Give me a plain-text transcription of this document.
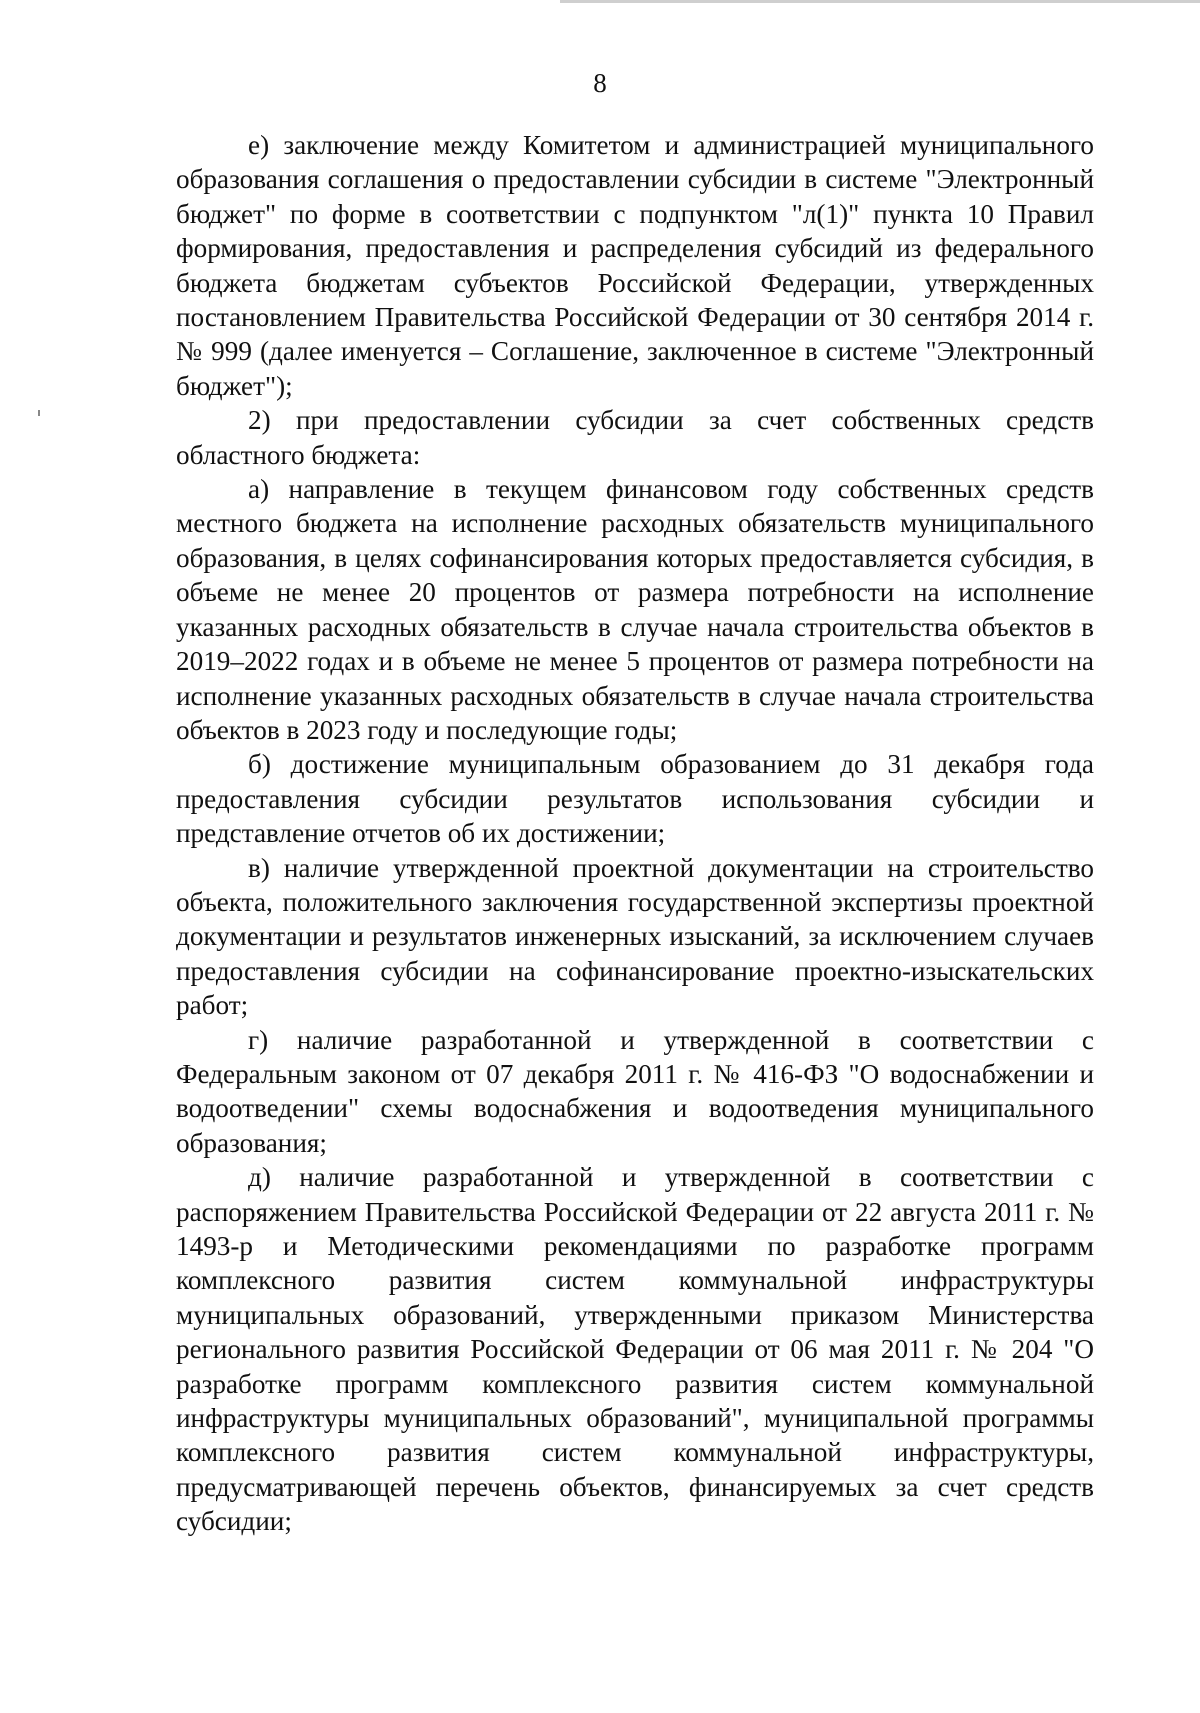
8

е) заключение между Комитетом и администрацией муниципального образования соглашения о предоставлении субсидии в системе "Электронный бюджет" по форме в соответствии с подпунктом "л(1)" пункта 10 Правил формирования, предоставления и распределения субсидий из федерального бюджета бюджетам субъектов Российской Федерации, утвержденных постановлением Правительства Российской Федерации от 30 сентября 2014 г. № 999 (далее именуется – Соглашение, заключенное в системе "Электронный бюджет");

2) при предоставлении субсидии за счет собственных средств областного бюджета:

а) направление в текущем финансовом году собственных средств местного бюджета на исполнение расходных обязательств муниципального образования, в целях софинансирования которых предоставляется субсидия, в объеме не менее 20 процентов от размера потребности на исполнение указанных расходных обязательств в случае начала строительства объектов в 2019–2022 годах и в объеме не менее 5 процентов от размера потребности на исполнение указанных расходных обязательств в случае начала строительства объектов в 2023 году и последующие годы;

б) достижение муниципальным образованием до 31 декабря года предоставления субсидии результатов использования субсидии и представление отчетов об их достижении;

в) наличие утвержденной проектной документации на строительство объекта, положительного заключения государственной экспертизы проектной документации и результатов инженерных изысканий, за исключением случаев предоставления субсидии на софинансирование проектно-изыскательских работ;

г) наличие разработанной и утвержденной в соответствии с Федеральным законом от 07 декабря 2011 г. № 416-ФЗ "О водоснабжении и водоотведении" схемы водоснабжения и водоотведения муниципального образования;

д) наличие разработанной и утвержденной в соответствии с распоряжением Правительства Российской Федерации от 22 августа 2011 г. № 1493-р и Методическими рекомендациями по разработке программ комплексного развития систем коммунальной инфраструктуры муниципальных образований, утвержденными приказом Министерства регионального развития Российской Федерации от 06 мая 2011 г. № 204 "О разработке программ комплексного развития систем коммунальной инфраструктуры муниципальных образований", муниципальной программы комплексного развития систем коммунальной инфраструктуры, предусматривающей перечень объектов, финансируемых за счет средств субсидии;
